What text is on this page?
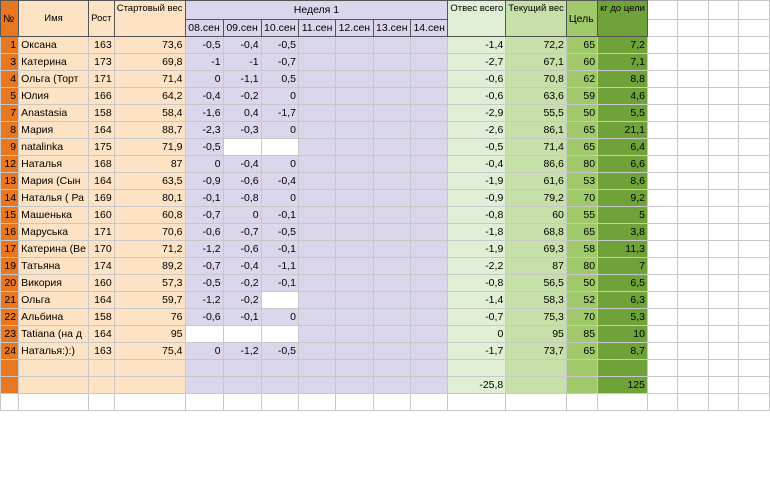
№	Имя	Рост	Стартовый вес	Неделя 1							Отвес всего	Текущий вес	Цель	кг до цели				
				08.сен	09.сен	10.сен	11.сен	12.сен	13.сен	14.сен								
1	Оксана	163	73,6	-0,5	-0,4	-0,5					-1,4	72,2	65	7,2				
3	Катерина	173	69,8	-1	-1	-0,7					-2,7	67,1	60	7,1				
4	Ольга (Торт	171	71,4	0	-1,1	0,5					-0,6	70,8	62	8,8				
5	Юлия	166	64,2	-0,4	-0,2	0					-0,6	63,6	59	4,6				
7	Anastasia	158	58,4	-1,6	0,4	-1,7					-2,9	55,5	50	5,5				
8	Мария	164	88,7	-2,3	-0,3	0					-2,6	86,1	65	21,1				
9	natalinka	175	71,9	-0,5							-0,5	71,4	65	6,4				
12	Наталья	168	87	0	-0,4	0					-0,4	86,6	80	6,6				
13	Мария (Сын	164	63,5	-0,9	-0,6	-0,4					-1,9	61,6	53	8,6				
14	Наталья ( Ра	169	80,1	-0,1	-0,8	0					-0,9	79,2	70	9,2				
15	Машенька	160	60,8	-0,7	0	-0,1					-0,8	60	55	5				
16	Маруська	171	70,6	-0,6	-0,7	-0,5					-1,8	68,8	65	3,8				
17	Катерина (Ве	170	71,2	-1,2	-0,6	-0,1					-1,9	69,3	58	11,3				
19	Татьяна	174	89,2	-0,7	-0,4	-1,1					-2,2	87	80	7				
20	Викория	160	57,3	-0,5	-0,2	-0,1					-0,8	56,5	50	6,5				
21	Ольга	164	59,7	-1,2	-0,2						-1,4	58,3	52	6,3				
22	Альбина	158	76	-0,6	-0,1	0					-0,7	75,3	70	5,3				
23	Tatiana (на д	164	95								0	95	85	10				
24	Наталья:):)	163	75,4	0	-1,2	-0,5					-1,7	73,7	65	8,7				

											-25,8			125				
